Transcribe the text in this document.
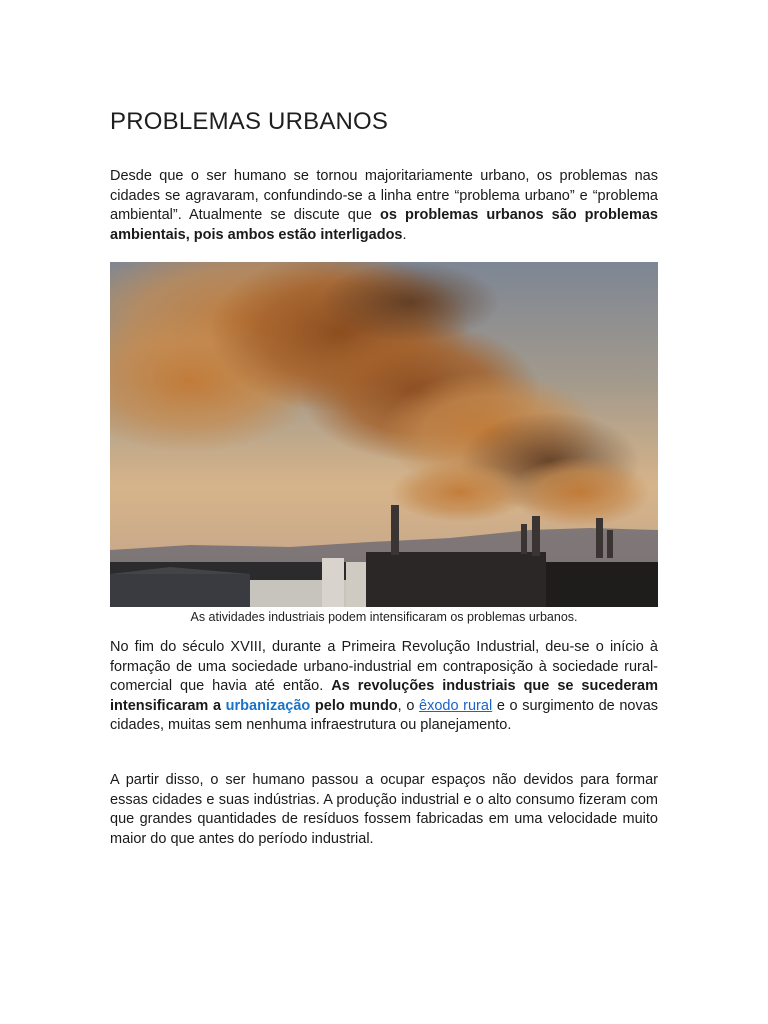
PROBLEMAS URBANOS

Desde que o ser humano se tornou majoritariamente urbano, os problemas nas cidades se agravaram, confundindo-se a linha entre “problema urbano” e “problema ambiental”. Atualmente se discute que os problemas urbanos são problemas ambientais, pois ambos estão interligados.

As atividades industriais podem intensificaram os problemas urbanos.

No fim do século XVIII, durante a Primeira Revolução Industrial, deu-se o início à formação de uma sociedade urbano-industrial em contraposição à sociedade rural-comercial que havia até então. As revoluções industriais que se sucederam intensificaram a urbanização pelo mundo, o êxodo rural e o surgimento de novas cidades, muitas sem nenhuma infraestrutura ou planejamento.

A partir disso, o ser humano passou a ocupar espaços não devidos para formar essas cidades e suas indústrias. A produção industrial e o alto consumo fizeram com que grandes quantidades de resíduos fossem fabricadas em uma velocidade muito maior do que antes do período industrial.
